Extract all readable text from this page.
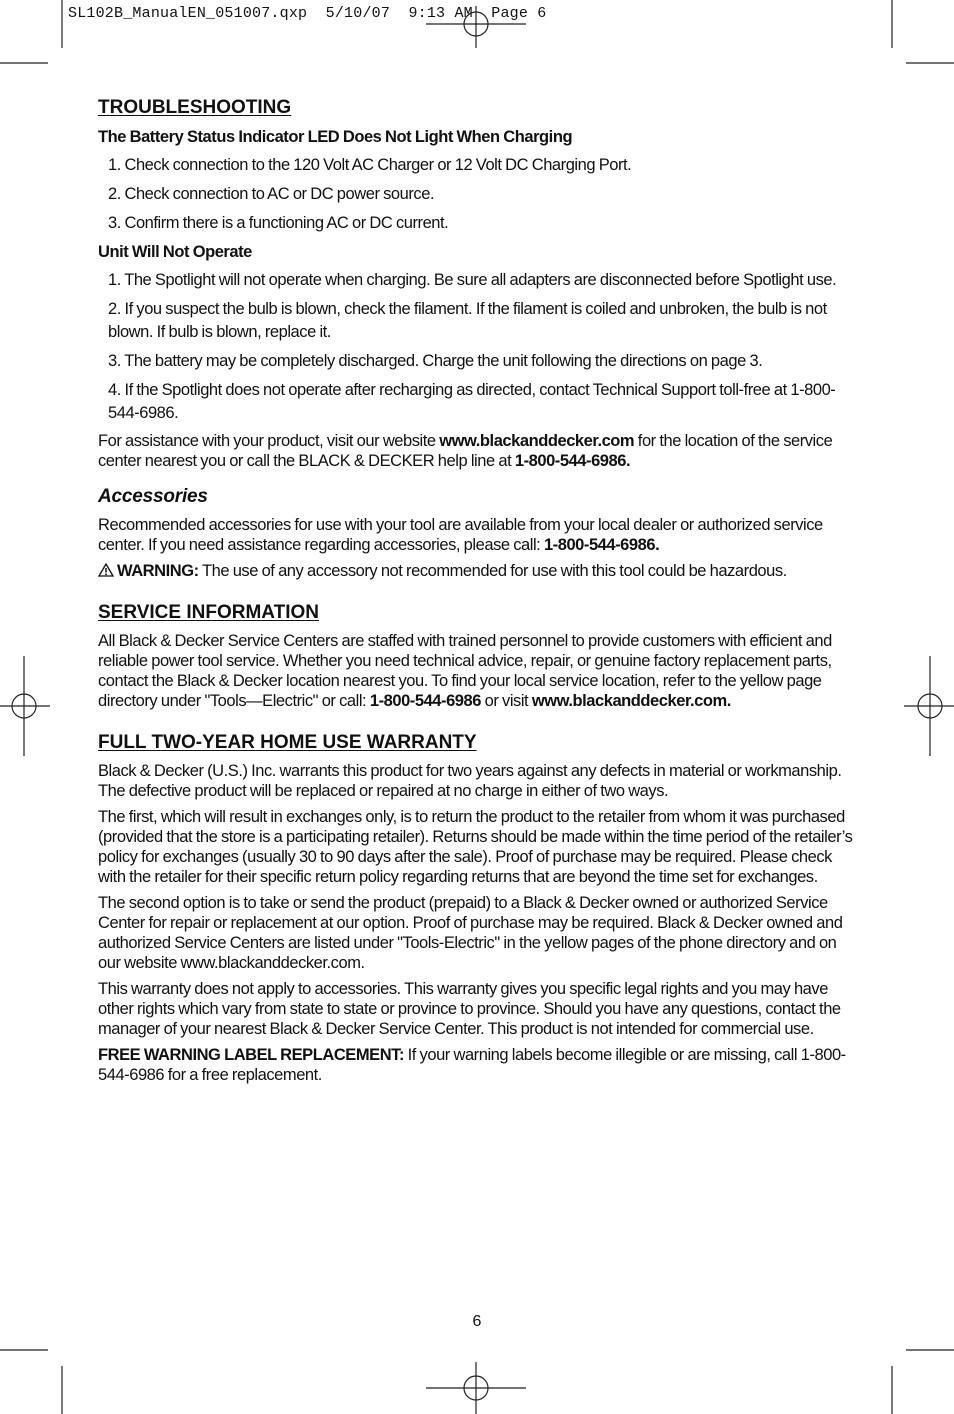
SL102B_ManualEN_051007.qxp  5/10/07  9:13 AM  Page 6
TROUBLESHOOTING
The Battery Status Indicator LED Does Not Light When Charging
1. Check connection to the 120 Volt AC Charger or 12 Volt DC Charging Port.
2. Check connection to AC or DC power source.
3. Confirm there is a functioning AC or DC current.
Unit Will Not Operate
1. The Spotlight will not operate when charging. Be sure all adapters are disconnected before Spotlight use.
2. If you suspect the bulb is blown, check the filament. If the filament is coiled and unbroken, the bulb is not blown. If bulb is blown, replace it.
3. The battery may be completely discharged. Charge the unit following the directions on page 3.
4. If the Spotlight does not operate after recharging as directed, contact Technical Support toll-free at 1-800-544-6986.

For assistance with your product, visit our website www.blackanddecker.com for the location of the service center nearest you or call the BLACK & DECKER help line at 1-800-544-6986.

Accessories

Recommended accessories for use with your tool are available from your local dealer or authorized service center. If you need assistance regarding accessories, please call: 1-800-544-6986.

WARNING: The use of any accessory not recommended for use with this tool could be hazardous.

SERVICE INFORMATION

All Black & Decker Service Centers are staffed with trained personnel to provide customers with efficient and reliable power tool service. Whether you need technical advice, repair, or genuine factory replacement parts, contact the Black & Decker location nearest you. To find your local service location, refer to the yellow page directory under "Tools—Electric" or call: 1-800-544-6986 or visit www.blackanddecker.com.

FULL TWO-YEAR HOME USE WARRANTY

Black & Decker (U.S.) Inc. warrants this product for two years against any defects in material or workmanship. The defective product will be replaced or repaired at no charge in either of two ways.

The first, which will result in exchanges only, is to return the product to the retailer from whom it was purchased (provided that the store is a participating retailer). Returns should be made within the time period of the retailer’s policy for exchanges (usually 30 to 90 days after the sale). Proof of purchase may be required. Please check with the retailer for their specific return policy regarding returns that are beyond the time set for exchanges.

The second option is to take or send the product (prepaid) to a Black & Decker owned or authorized Service Center for repair or replacement at our option. Proof of purchase may be required. Black & Decker owned and authorized Service Centers are listed under "Tools-Electric" in the yellow pages of the phone directory and on our website www.blackanddecker.com.

This warranty does not apply to accessories. This warranty gives you specific legal rights and you may have other rights which vary from state to state or province to province. Should you have any questions, contact the manager of your nearest Black & Decker Service Center. This product is not intended for commercial use.

FREE WARNING LABEL REPLACEMENT: If your warning labels become illegible or are missing, call 1-800-544-6986 for a free replacement.

6
